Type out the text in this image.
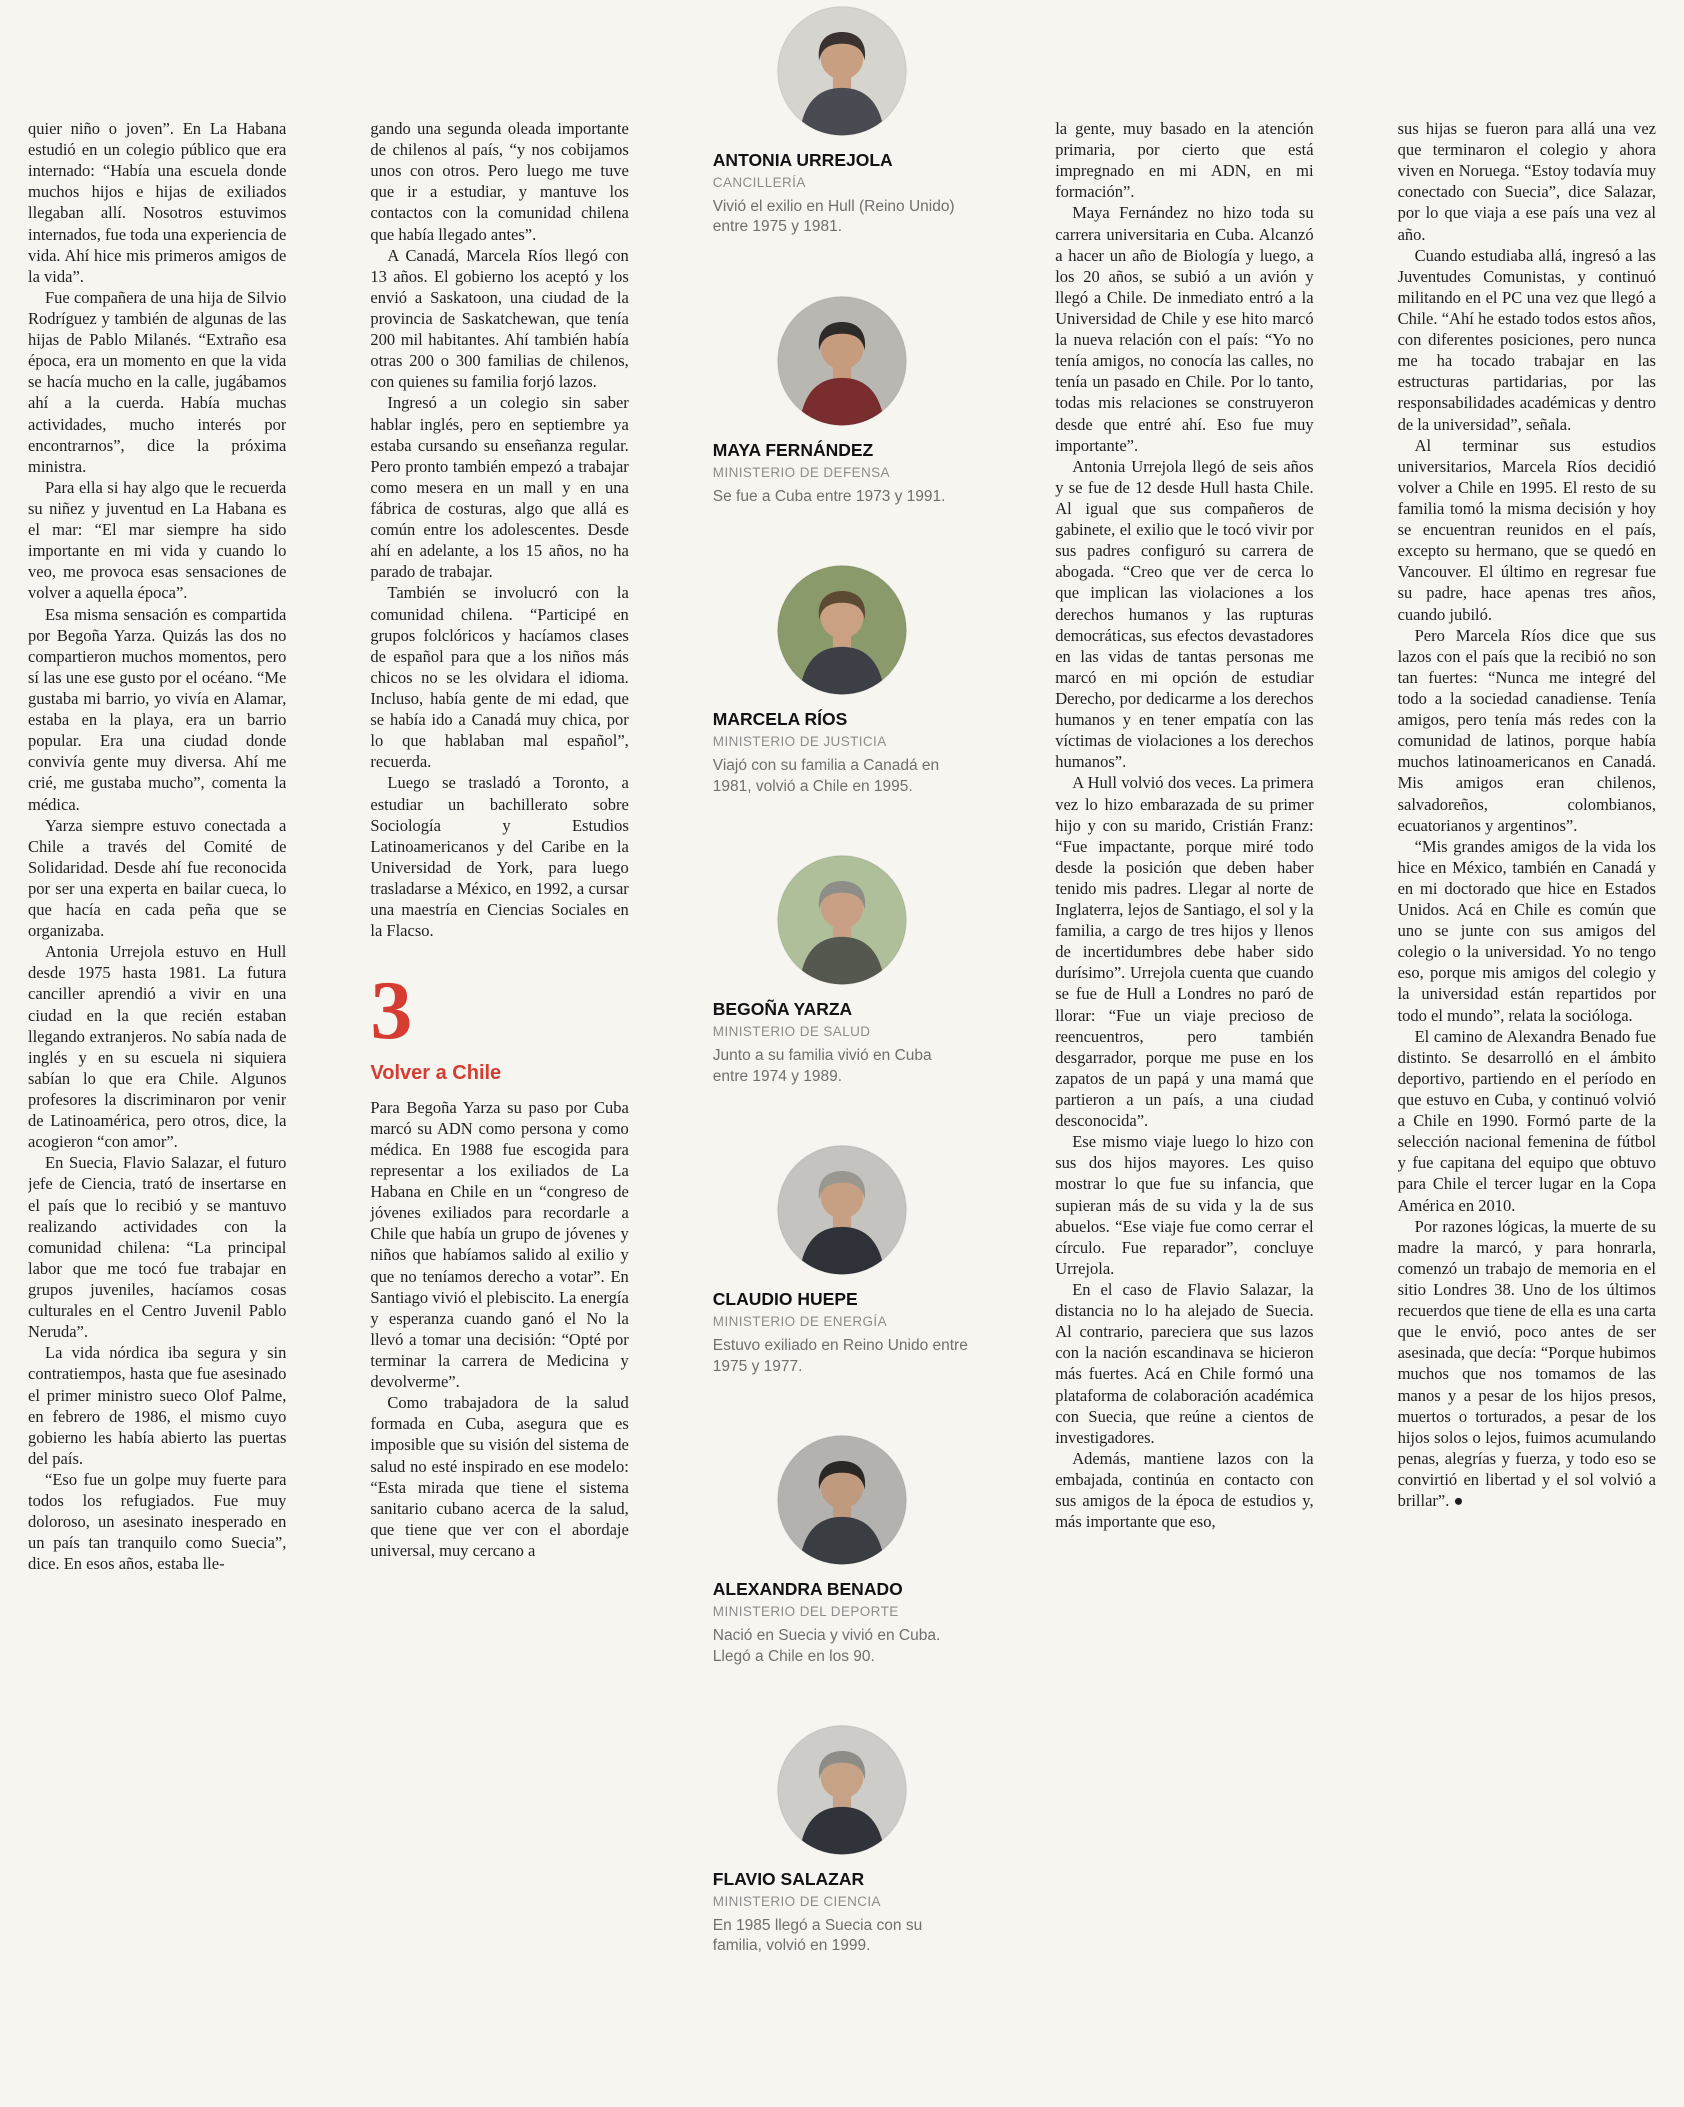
quier niño o joven”. En La Habana estudió en un colegio público que era internado: “Había una escuela donde muchos hijos e hijas de exiliados llegaban allí. Nosotros estuvimos internados, fue toda una experiencia de vida. Ahí hice mis primeros amigos de la vida”.

Fue compañera de una hija de Silvio Rodríguez y también de algunas de las hijas de Pablo Milanés. “Extraño esa época, era un momento en que la vida se hacía mucho en la calle, jugábamos ahí a la cuerda. Había muchas actividades, mucho interés por encontrarnos”, dice la próxima ministra.

Para ella si hay algo que le recuerda su niñez y juventud en La Habana es el mar: “El mar siempre ha sido importante en mi vida y cuando lo veo, me provoca esas sensaciones de volver a aquella época”.

Esa misma sensación es compartida por Begoña Yarza. Quizás las dos no compartieron muchos momentos, pero sí las une ese gusto por el océano. “Me gustaba mi barrio, yo vivía en Alamar, estaba en la playa, era un barrio popular. Era una ciudad donde convivía gente muy diversa. Ahí me crié, me gustaba mucho”, comenta la médica.

Yarza siempre estuvo conectada a Chile a través del Comité de Solidaridad. Desde ahí fue reconocida por ser una experta en bailar cueca, lo que hacía en cada peña que se organizaba.

Antonia Urrejola estuvo en Hull desde 1975 hasta 1981. La futura canciller aprendió a vivir en una ciudad en la que recién estaban llegando extranjeros. No sabía nada de inglés y en su escuela ni siquiera sabían lo que era Chile. Algunos profesores la discriminaron por venir de Latinoamérica, pero otros, dice, la acogieron “con amor”.

En Suecia, Flavio Salazar, el futuro jefe de Ciencia, trató de insertarse en el país que lo recibió y se mantuvo realizando actividades con la comunidad chilena: “La principal labor que me tocó fue trabajar en grupos juveniles, hacíamos cosas culturales en el Centro Juvenil Pablo Neruda”.

La vida nórdica iba segura y sin contratiempos, hasta que fue asesinado el primer ministro sueco Olof Palme, en febrero de 1986, el mismo cuyo gobierno les había abierto las puertas del país.

“Eso fue un golpe muy fuerte para todos los refugiados. Fue muy doloroso, un asesinato inesperado en un país tan tranquilo como Suecia”, dice. En esos años, estaba lle-

gando una segunda oleada importante de chilenos al país, “y nos cobijamos unos con otros. Pero luego me tuve que ir a estudiar, y mantuve los contactos con la comunidad chilena que había llegado antes”.

A Canadá, Marcela Ríos llegó con 13 años. El gobierno los aceptó y los envió a Saskatoon, una ciudad de la provincia de Saskatchewan, que tenía 200 mil habitantes. Ahí también había otras 200 o 300 familias de chilenos, con quienes su familia forjó lazos.

Ingresó a un colegio sin saber hablar inglés, pero en septiembre ya estaba cursando su enseñanza regular. Pero pronto también empezó a trabajar como mesera en un mall y en una fábrica de costuras, algo que allá es común entre los adolescentes. Desde ahí en adelante, a los 15 años, no ha parado de trabajar.

También se involucró con la comunidad chilena. “Participé en grupos folclóricos y hacíamos clases de español para que a los niños más chicos no se les olvidara el idioma. Incluso, había gente de mi edad, que se había ido a Canadá muy chica, por lo que hablaban mal español”, recuerda.

Luego se trasladó a Toronto, a estudiar un bachillerato sobre Sociología y Estudios Latinoamericanos y del Caribe en la Universidad de York, para luego trasladarse a México, en 1992, a cursar una maestría en Ciencias Sociales en la Flacso.

3
Volver a Chile

Para Begoña Yarza su paso por Cuba marcó su ADN como persona y como médica. En 1988 fue escogida para representar a los exiliados de La Habana en Chile en un “congreso de jóvenes exiliados para recordarle a Chile que había un grupo de jóvenes y niños que habíamos salido al exilio y que no teníamos derecho a votar”. En Santiago vivió el plebiscito. La energía y esperanza cuando ganó el No la llevó a tomar una decisión: “Opté por terminar la carrera de Medicina y devolverme”.

Como trabajadora de la salud formada en Cuba, asegura que es imposible que su visión del sistema de salud no esté inspirado en ese modelo: “Esta mirada que tiene el sistema sanitario cubano acerca de la salud, que tiene que ver con el abordaje universal, muy cercano a

ANTONIA URREJOLA
CANCILLERÍA
Vivió el exilio en Hull (Reino Unido) entre 1975 y 1981.
MAYA FERNÁNDEZ
MINISTERIO DE DEFENSA
Se fue a Cuba entre 1973 y 1991.
MARCELA RÍOS
MINISTERIO DE JUSTICIA
Viajó con su familia a Canadá en 1981, volvió a Chile en 1995.
BEGOÑA YARZA
MINISTERIO DE SALUD
Junto a su familia vivió en Cuba entre 1974 y 1989.
CLAUDIO HUEPE
MINISTERIO DE ENERGÍA
Estuvo exiliado en Reino Unido entre 1975 y 1977.
ALEXANDRA BENADO
MINISTERIO DEL DEPORTE
Nació en Suecia y vivió en Cuba. Llegó a Chile en los 90.
FLAVIO SALAZAR
MINISTERIO DE CIENCIA
En 1985 llegó a Suecia con su familia, volvió en 1999.

la gente, muy basado en la atención primaria, por cierto que está impregnado en mi ADN, en mi formación”.

Maya Fernández no hizo toda su carrera universitaria en Cuba. Alcanzó a hacer un año de Biología y luego, a los 20 años, se subió a un avión y llegó a Chile. De inmediato entró a la Universidad de Chile y ese hito marcó la nueva relación con el país: “Yo no tenía amigos, no conocía las calles, no tenía un pasado en Chile. Por lo tanto, todas mis relaciones se construyeron desde que entré ahí. Eso fue muy importante”.

Antonia Urrejola llegó de seis años y se fue de 12 desde Hull hasta Chile. Al igual que sus compañeros de gabinete, el exilio que le tocó vivir por sus padres configuró su carrera de abogada. “Creo que ver de cerca lo que implican las violaciones a los derechos humanos y las rupturas democráticas, sus efectos devastadores en las vidas de tantas personas me marcó en mi opción de estudiar Derecho, por dedicarme a los derechos humanos y en tener empatía con las víctimas de violaciones a los derechos humanos”.

A Hull volvió dos veces. La primera vez lo hizo embarazada de su primer hijo y con su marido, Cristián Franz: “Fue impactante, porque miré todo desde la posición que deben haber tenido mis padres. Llegar al norte de Inglaterra, lejos de Santiago, el sol y la familia, a cargo de tres hijos y llenos de incertidumbres debe haber sido durísimo”. Urrejola cuenta que cuando se fue de Hull a Londres no paró de llorar: “Fue un viaje precioso de reencuentros, pero también desgarrador, porque me puse en los zapatos de un papá y una mamá que partieron a un país, a una ciudad desconocida”.

Ese mismo viaje luego lo hizo con sus dos hijos mayores. Les quiso mostrar lo que fue su infancia, que supieran más de su vida y la de sus abuelos. “Ese viaje fue como cerrar el círculo. Fue reparador”, concluye Urrejola.

En el caso de Flavio Salazar, la distancia no lo ha alejado de Suecia. Al contrario, pareciera que sus lazos con la nación escandinava se hicieron más fuertes. Acá en Chile formó una plataforma de colaboración académica con Suecia, que reúne a cientos de investigadores.

Además, mantiene lazos con la embajada, continúa en contacto con sus amigos de la época de estudios y, más importante que eso,

sus hijas se fueron para allá una vez que terminaron el colegio y ahora viven en Noruega. “Estoy todavía muy conectado con Suecia”, dice Salazar, por lo que viaja a ese país una vez al año.

Cuando estudiaba allá, ingresó a las Juventudes Comunistas, y continuó militando en el PC una vez que llegó a Chile. “Ahí he estado todos estos años, con diferentes posiciones, pero nunca me ha tocado trabajar en las estructuras partidarias, por las responsabilidades académicas y dentro de la universidad”, señala.

Al terminar sus estudios universitarios, Marcela Ríos decidió volver a Chile en 1995. El resto de su familia tomó la misma decisión y hoy se encuentran reunidos en el país, excepto su hermano, que se quedó en Vancouver. El último en regresar fue su padre, hace apenas tres años, cuando jubiló.

Pero Marcela Ríos dice que sus lazos con el país que la recibió no son tan fuertes: “Nunca me integré del todo a la sociedad canadiense. Tenía amigos, pero tenía más redes con la comunidad de latinos, porque había muchos latinoamericanos en Canadá. Mis amigos eran chilenos, salvadoreños, colombianos, ecuatorianos y argentinos”.

“Mis grandes amigos de la vida los hice en México, también en Canadá y en mi doctorado que hice en Estados Unidos. Acá en Chile es común que uno se junte con sus amigos del colegio o la universidad. Yo no tengo eso, porque mis amigos del colegio y la universidad están repartidos por todo el mundo”, relata la socióloga.

El camino de Alexandra Benado fue distinto. Se desarrolló en el ámbito deportivo, partiendo en el período en que estuvo en Cuba, y continuó volvió a Chile en 1990. Formó parte de la selección nacional femenina de fútbol y fue capitana del equipo que obtuvo para Chile el tercer lugar en la Copa América en 2010.

Por razones lógicas, la muerte de su madre la marcó, y para honrarla, comenzó un trabajo de memoria en el sitio Londres 38. Uno de los últimos recuerdos que tiene de ella es una carta que le envió, poco antes de ser asesinada, que decía: “Porque hubimos muchos que nos tomamos de las manos y a pesar de los hijos presos, muertos o torturados, a pesar de los hijos solos o lejos, fuimos acumulando penas, alegrías y fuerza, y todo eso se convirtió en libertad y el sol volvió a brillar”. ●
